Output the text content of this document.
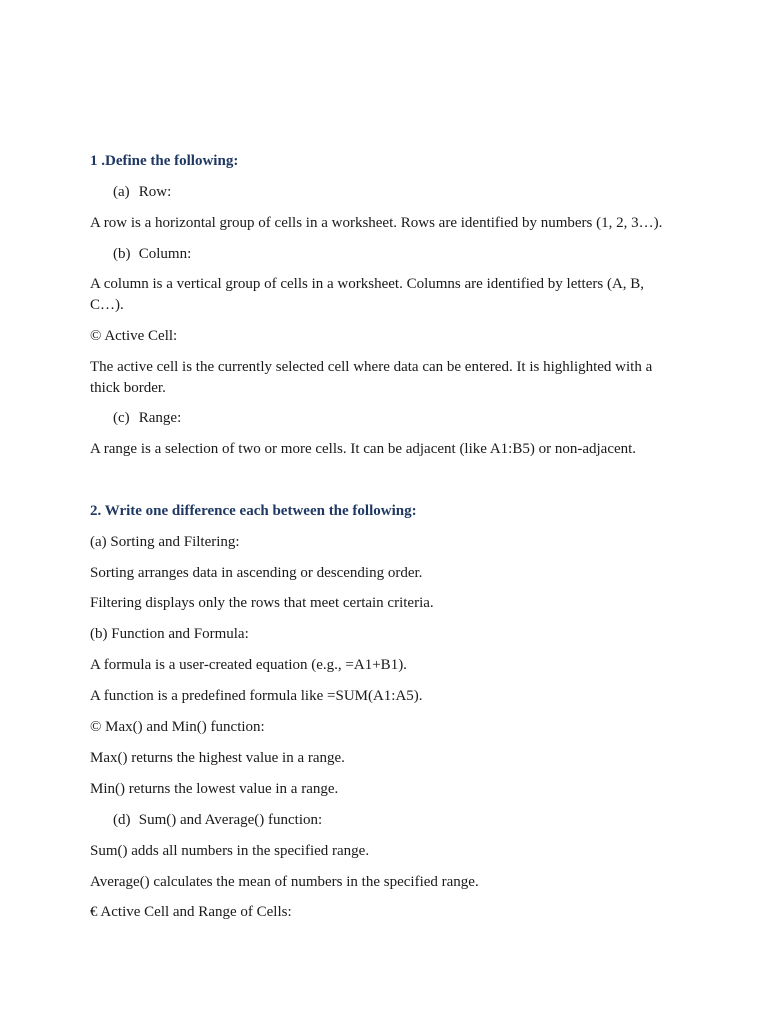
1 .Define the following:

(a) Row:

A row is a horizontal group of cells in a worksheet. Rows are identified by numbers (1, 2, 3…).

(b) Column:

A column is a vertical group of cells in a worksheet. Columns are identified by letters (A, B, C…).

© Active Cell:

The active cell is the currently selected cell where data can be entered. It is highlighted with a thick border.

(c) Range:

A range is a selection of two or more cells. It can be adjacent (like A1:B5) or non-adjacent.

2. Write one difference each between the following:

(a) Sorting and Filtering:

Sorting arranges data in ascending or descending order.

Filtering displays only the rows that meet certain criteria.

(b) Function and Formula:

A formula is a user-created equation (e.g., =A1+B1).

A function is a predefined formula like =SUM(A1:A5).

© Max() and Min() function:

Max() returns the highest value in a range.

Min() returns the lowest value in a range.

(d) Sum() and Average() function:

Sum() adds all numbers in the specified range.

Average() calculates the mean of numbers in the specified range.

€ Active Cell and Range of Cells:
